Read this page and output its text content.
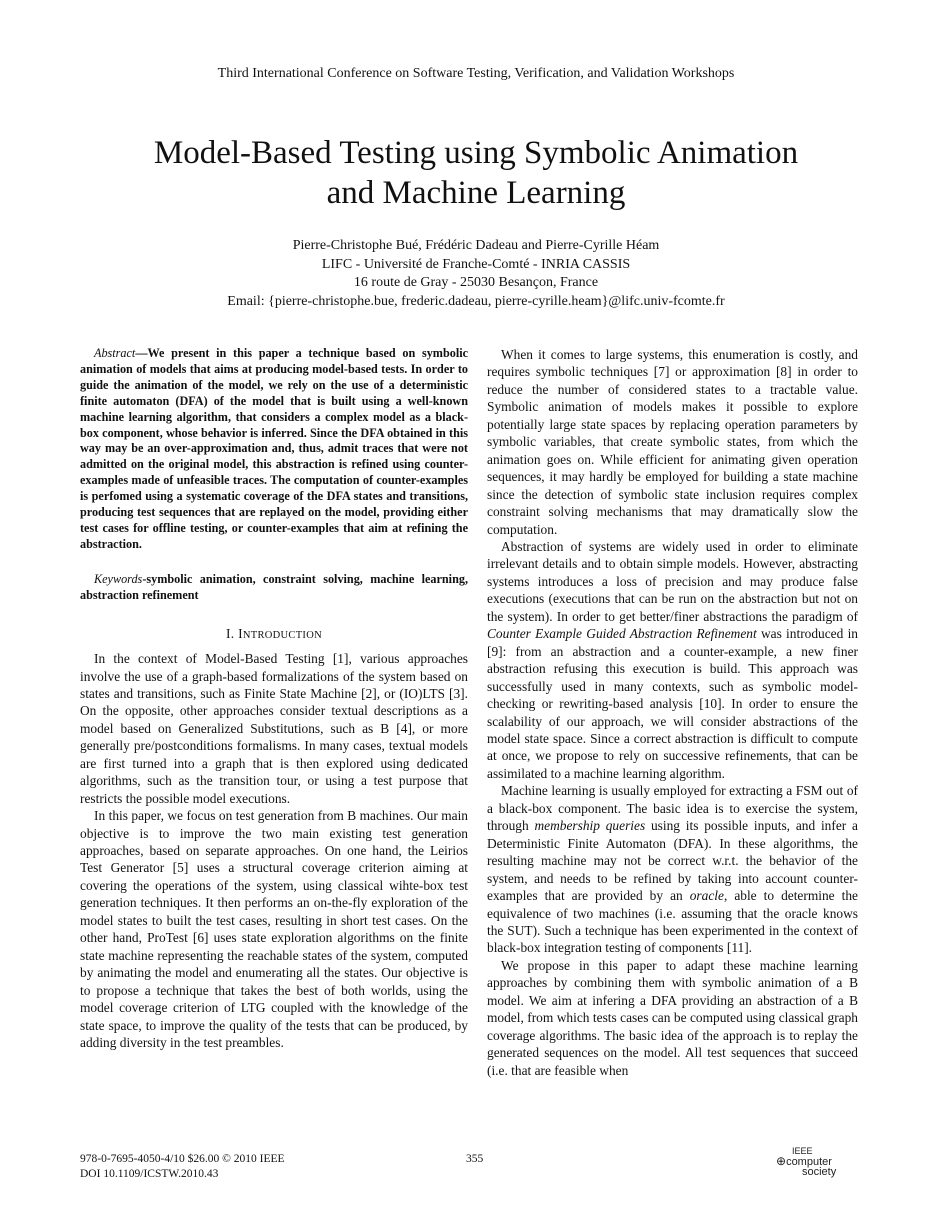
Third International Conference on Software Testing, Verification, and Validation Workshops
Model-Based Testing using Symbolic Animation
and Machine Learning
Pierre-Christophe Bué, Frédéric Dadeau and Pierre-Cyrille Héam
LIFC - Université de Franche-Comté - INRIA CASSIS
16 route de Gray - 25030 Besançon, France
Email: {pierre-christophe.bue, frederic.dadeau, pierre-cyrille.heam}@lifc.univ-fcomte.fr

Abstract—We present in this paper a technique based on symbolic animation of models that aims at producing model-based tests. In order to guide the animation of the model, we rely on the use of a deterministic finite automaton (DFA) of the model that is built using a well-known machine learning algorithm, that considers a complex model as a black-box component, whose behavior is inferred. Since the DFA obtained in this way may be an over-approximation and, thus, admit traces that were not admitted on the original model, this abstraction is refined using counter-examples made of unfeasible traces. The computation of counter-examples is perfomed using a systematic coverage of the DFA states and transitions, producing test sequences that are replayed on the model, providing either test cases for offline testing, or counter-examples that aim at refining the abstraction.

Keywords-symbolic animation, constraint solving, machine learning, abstraction refinement

I. INTRODUCTION

In the context of Model-Based Testing [1], various approaches involve the use of a graph-based formalizations of the system based on states and transitions, such as Finite State Machine [2], or (IO)LTS [3]. On the opposite, other approaches consider textual descriptions as a model based on Generalized Substitutions, such as B [4], or more generally pre/postconditions formalisms. In many cases, textual models are first turned into a graph that is then explored using dedicated algorithms, such as the transition tour, or using a test purpose that restricts the possible model executions.

In this paper, we focus on test generation from B machines. Our main objective is to improve the two main existing test generation approaches, based on separate approaches. On one hand, the Leirios Test Generator [5] uses a structural coverage criterion aiming at covering the operations of the system, using classical wihte-box test generation techniques. It then performs an on-the-fly exploration of the model states to built the test cases, resulting in short test cases. On the other hand, ProTest [6] uses state exploration algorithms on the finite state machine representing the reachable states of the system, computed by animating the model and enumerating all the states. Our objective is to propose a technique that takes the best of both worlds, using the model coverage criterion of LTG coupled with the knowledge of the state space, to improve the quality of the tests that can be produced, by adding diversity in the test preambles.

When it comes to large systems, this enumeration is costly, and requires symbolic techniques [7] or approximation [8] in order to reduce the number of considered states to a tractable value. Symbolic animation of models makes it possible to explore potentially large state spaces by replacing operation parameters by symbolic variables, that create symbolic states, from which the animation goes on. While efficient for animating given operation sequences, it may hardly be employed for building a state machine since the detection of symbolic state inclusion requires complex constraint solving mechanisms that may dramatically slow the computation.

Abstraction of systems are widely used in order to eliminate irrelevant details and to obtain simple models. However, abstracting systems introduces a loss of precision and may produce false executions (executions that can be run on the abstraction but not on the system). In order to get better/finer abstractions the paradigm of Counter Example Guided Abstraction Refinement was introduced in [9]: from an abstraction and a counter-example, a new finer abstraction refusing this execution is build. This approach was successfully used in many contexts, such as symbolic model-checking or rewriting-based analysis [10]. In order to ensure the scalability of our approach, we will consider abstractions of the model state space. Since a correct abstraction is difficult to compute at once, we propose to rely on successive refinements, that can be assimilated to a machine learning algorithm.

Machine learning is usually employed for extracting a FSM out of a black-box component. The basic idea is to exercise the system, through membership queries using its possible inputs, and infer a Deterministic Finite Automaton (DFA). In these algorithms, the resulting machine may not be correct w.r.t. the behavior of the system, and needs to be refined by taking into account counter-examples that are provided by an oracle, able to determine the equivalence of two machines (i.e. assuming that the oracle knows the SUT). Such a technique has been experimented in the context of black-box integration testing of components [11].

We propose in this paper to adapt these machine learning approaches by combining them with symbolic animation of a B model. We aim at infering a DFA providing an abstraction of a B model, from which tests cases can be computed using classical graph coverage algorithms. The basic idea of the approach is to replay the generated sequences on the model. All test sequences that succeed (i.e. that are feasible when

978-0-7695-4050-4/10 $26.00 © 2010 IEEE
DOI 10.1109/ICSTW.2010.43
355
IEEE
⊕computer
society
